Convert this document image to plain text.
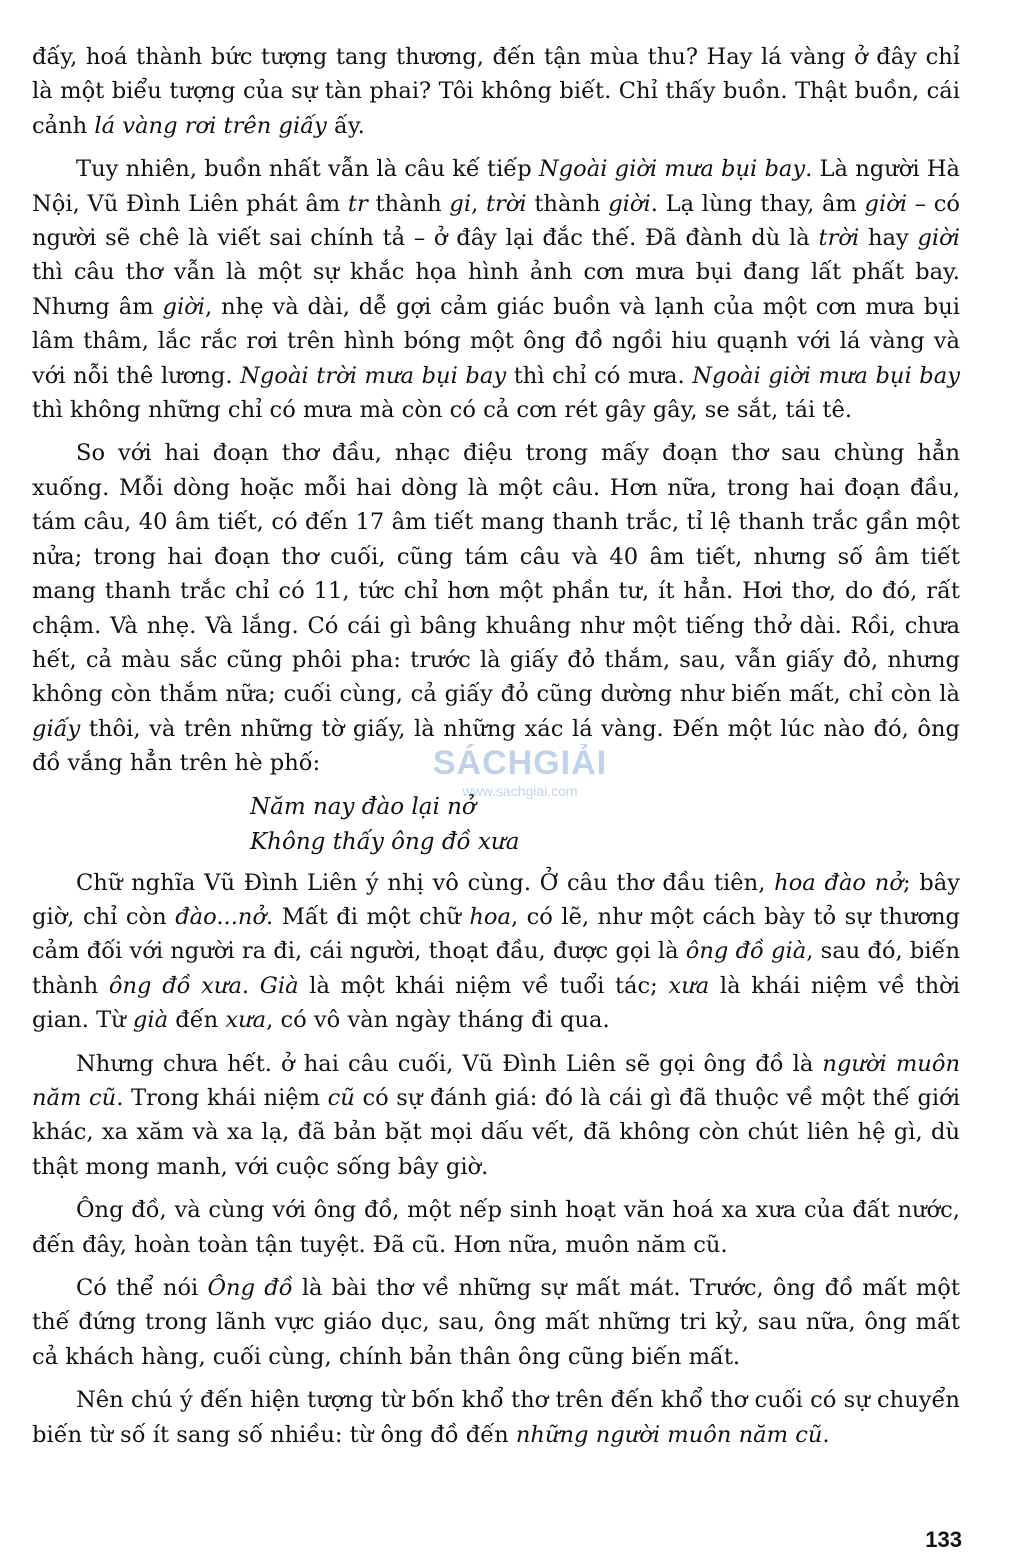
đấy, hoá thành bức tượng tang thương, đến tận mùa thu? Hay lá vàng ở đây chỉ là một biểu tượng của sự tàn phai? Tôi không biết. Chỉ thấy buồn. Thật buồn, cái cảnh lá vàng rơi trên giấy ấy.

Tuy nhiên, buồn nhất vẫn là câu kế tiếp Ngoài giời mưa bụi bay. Là người Hà Nội, Vũ Đình Liên phát âm tr thành gi, trời thành giời. Lạ lùng thay, âm giời – có người sẽ chê là viết sai chính tả – ở đây lại đắc thế. Đã đành dù là trời hay giời thì câu thơ vẫn là một sự khắc họa hình ảnh cơn mưa bụi đang lất phất bay. Nhưng âm giời, nhẹ và dài, dễ gợi cảm giác buồn và lạnh của một cơn mưa bụi lâm thâm, lắc rắc rơi trên hình bóng một ông đồ ngồi hiu quạnh với lá vàng và với nỗi thê lương. Ngoài trời mưa bụi bay thì chỉ có mưa. Ngoài giời mưa bụi bay thì không những chỉ có mưa mà còn có cả cơn rét gây gây, se sắt, tái tê.

So với hai đoạn thơ đầu, nhạc điệu trong mấy đoạn thơ sau chùng hẳn xuống. Mỗi dòng hoặc mỗi hai dòng là một câu. Hơn nữa, trong hai đoạn đầu, tám câu, 40 âm tiết, có đến 17 âm tiết mang thanh trắc, tỉ lệ thanh trắc gần một nửa; trong hai đoạn thơ cuối, cũng tám câu và 40 âm tiết, nhưng số âm tiết mang thanh trắc chỉ có 11, tức chỉ hơn một phần tư, ít hẳn. Hơi thơ, do đó, rất chậm. Và nhẹ. Và lắng. Có cái gì bâng khuâng như một tiếng thở dài. Rồi, chưa hết, cả màu sắc cũng phôi pha: trước là giấy đỏ thắm, sau, vẫn giấy đỏ, nhưng không còn thắm nữa; cuối cùng, cả giấy đỏ cũng dường như biến mất, chỉ còn là giấy thôi, và trên những tờ giấy, là những xác lá vàng. Đến một lúc nào đó, ông đồ vắng hẳn trên hè phố:

Năm nay đào lại nở
Không thấy ông đồ xưa

Chữ nghĩa Vũ Đình Liên ý nhị vô cùng. Ở câu thơ đầu tiên, hoa đào nở; bây giờ, chỉ còn đào...nở. Mất đi một chữ hoa, có lẽ, như một cách bày tỏ sự thương cảm đối với người ra đi, cái người, thoạt đầu, được gọi là ông đồ già, sau đó, biến thành ông đồ xưa. Già là một khái niệm về tuổi tác; xưa là khái niệm về thời gian. Từ già đến xưa, có vô vàn ngày tháng đi qua.

Nhưng chưa hết. ở hai câu cuối, Vũ Đình Liên sẽ gọi ông đồ là người muôn năm cũ. Trong khái niệm cũ có sự đánh giá: đó là cái gì đã thuộc về một thế giới khác, xa xăm và xa lạ, đã bản bặt mọi dấu vết, đã không còn chút liên hệ gì, dù thật mong manh, với cuộc sống bây giờ.

Ông đồ, và cùng với ông đồ, một nếp sinh hoạt văn hoá xa xưa của đất nước, đến đây, hoàn toàn tận tuyệt. Đã cũ. Hơn nữa, muôn năm cũ.

Có thể nói Ông đồ là bài thơ về những sự mất mát. Trước, ông đồ mất một thế đứng trong lãnh vực giáo dục, sau, ông mất những tri kỷ, sau nữa, ông mất cả khách hàng, cuối cùng, chính bản thân ông cũng biến mất.

Nên chú ý đến hiện tượng từ bốn khổ thơ trên đến khổ thơ cuối có sự chuyển biến từ số ít sang số nhiều: từ ông đồ đến những người muôn năm cũ.

SÁCHGIẢI
www.sachgiai.com
133
